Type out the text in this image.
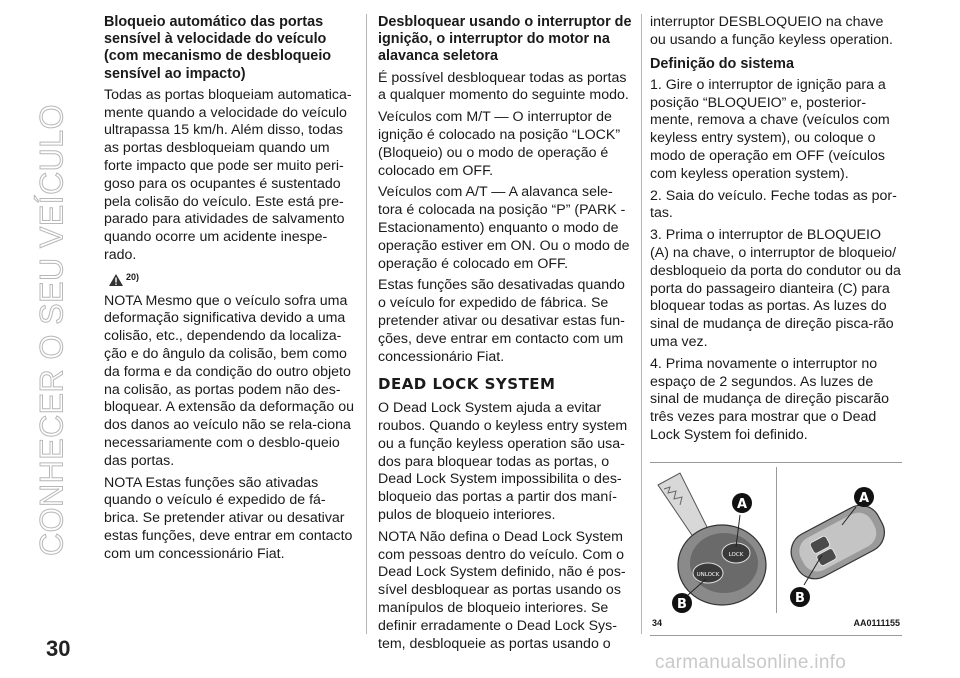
CONHECER O SEU VEÍCULO
30
carmanualsonline.info
Bloqueio automático das portas sensível à velocidade do veículo (com mecanismo de desbloqueio sensível ao impacto)

Todas as portas bloqueiam automatica-mente quando a velocidade do veículo ultrapassa 15 km/h. Além disso, todas as portas desbloqueiam quando um forte impacto que pode ser muito peri-goso para os ocupantes é sustentado pela colisão do veículo. Este está pre-parado para atividades de salvamento quando ocorre um acidente inespe-rado.

20)

NOTA Mesmo que o veículo sofra uma deformação significativa devido a uma colisão, etc., dependendo da localiza-ção e do ângulo da colisão, bem como da forma e da condição do outro objeto na colisão, as portas podem não des-bloquear. A extensão da deformação ou dos danos ao veículo não se rela-ciona necessariamente com o desblo-queio das portas.

NOTA Estas funções são ativadas quando o veículo é expedido de fá-brica. Se pretender ativar ou desativar estas funções, deve entrar em contacto com um concessionário Fiat.

Desbloquear usando o interruptor de ignição, o interruptor do motor na alavanca seletora

É possível desbloquear todas as portas a qualquer momento do seguinte modo.

Veículos com M/T — O interruptor de ignição é colocado na posição “LOCK” (Bloqueio) ou o modo de operação é colocado em OFF.

Veículos com A/T — A alavanca sele-tora é colocada na posição “P” (PARK - Estacionamento) enquanto o modo de operação estiver em ON. Ou o modo de operação é colocado em OFF.

Estas funções são desativadas quando o veículo for expedido de fábrica. Se pretender ativar ou desativar estas fun-ções, deve entrar em contacto com um concessionário Fiat.

DEAD LOCK SYSTEM

O Dead Lock System ajuda a evitar roubos. Quando o keyless entry system ou a função keyless operation são usa-dos para bloquear todas as portas, o Dead Lock System impossibilita o des-bloqueio das portas a partir dos maní-pulos de bloqueio interiores.

NOTA Não defina o Dead Lock System com pessoas dentro do veículo. Com o Dead Lock System definido, não é pos-sível desbloquear as portas usando os manípulos de bloqueio interiores. Se definir erradamente o Dead Lock Sys-tem, desbloqueie as portas usando o

interruptor DESBLOQUEIO na chave ou usando a função keyless operation.

Definição do sistema

1. Gire o interruptor de ignição para a posição “BLOQUEIO” e, posterior-mente, remova a chave (veículos com keyless entry system), ou coloque o modo de operação em OFF (veículos com keyless operation system).

2. Saia do veículo. Feche todas as por-tas.

3. Prima o interruptor de BLOQUEIO (A) na chave, o interruptor de bloqueio/ desbloqueio da porta do condutor ou da porta do passageiro dianteira (C) para bloquear todas as portas. As luzes do sinal de mudança de direção pisca-rão uma vez.

4. Prima novamente o interruptor no espaço de 2 segundos. As luzes de sinal de mudança de direção piscarão três vezes para mostrar que o Dead Lock System foi definido.

UNLOCK
LOCK
A
B
A
B
34	AA0111155
